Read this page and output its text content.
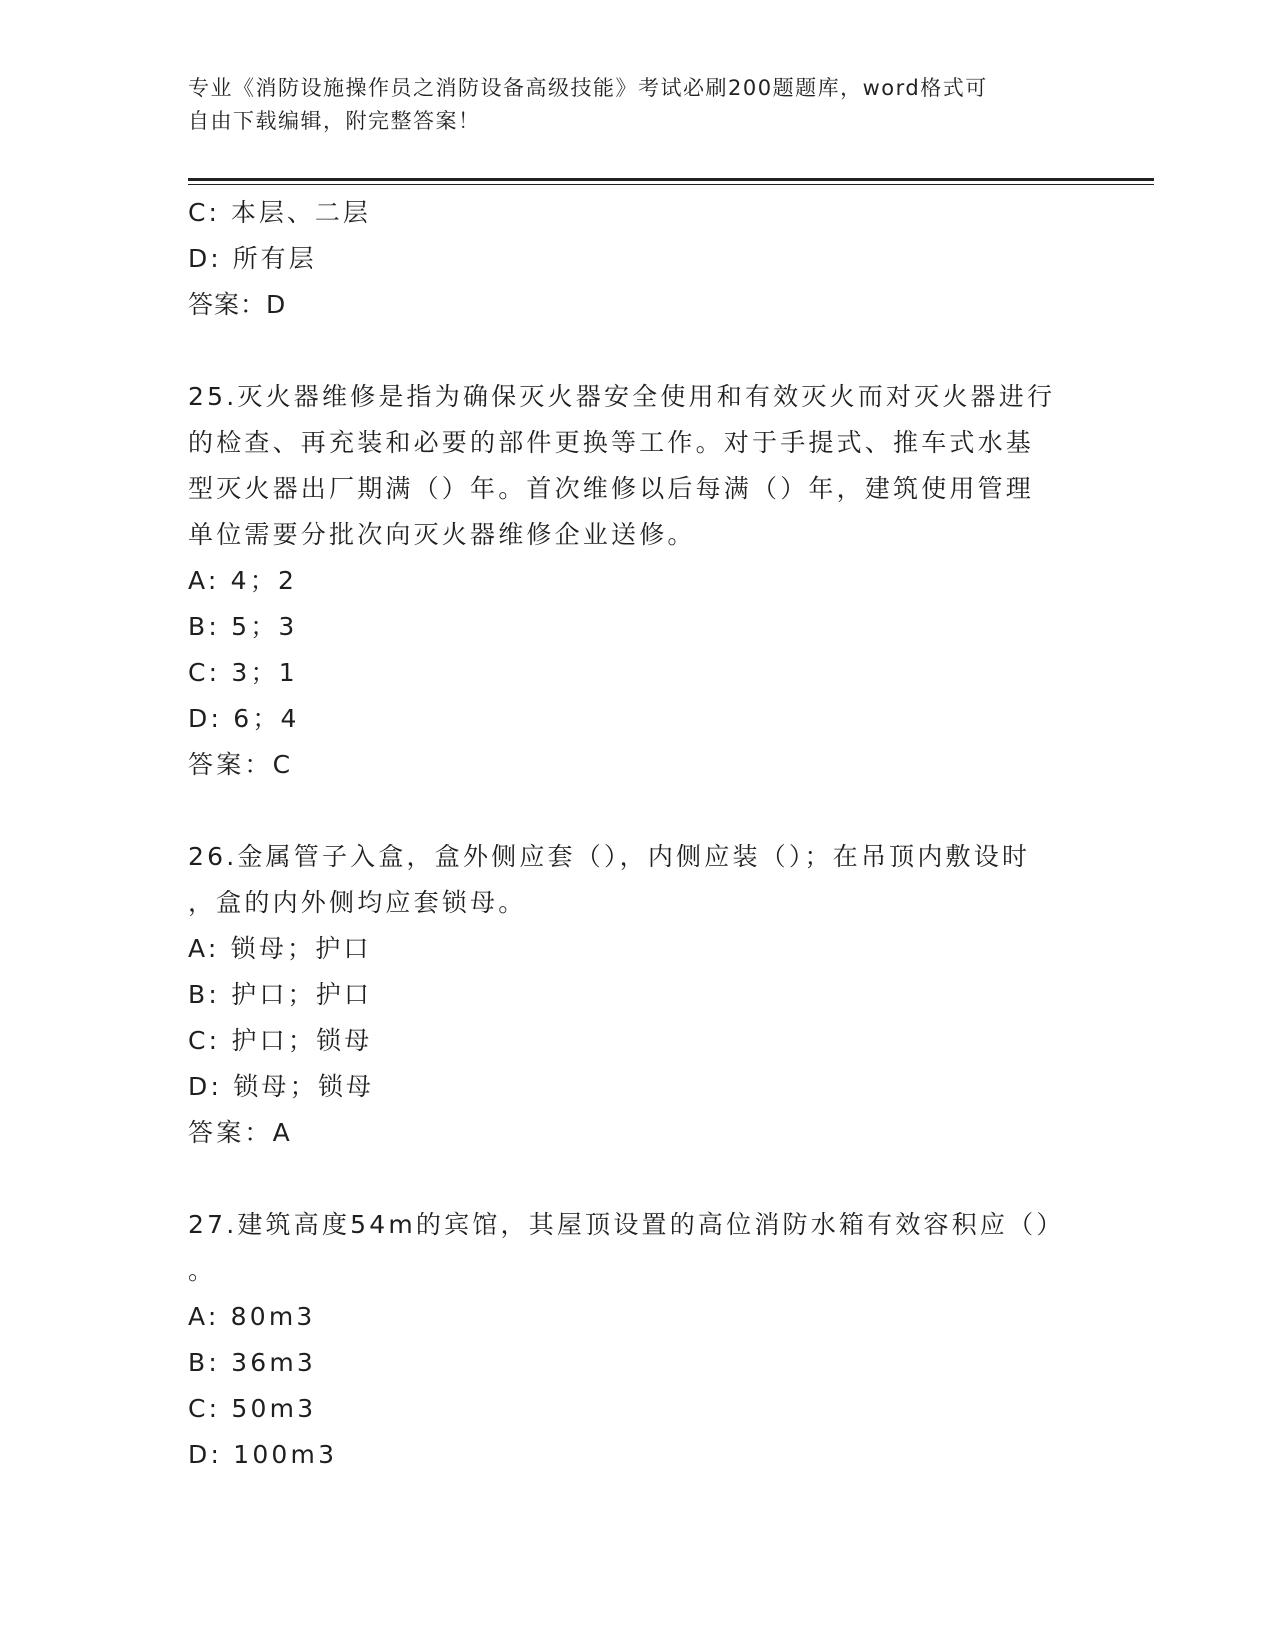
专业《消防设施操作员之消防设备高级技能》考试必刷200题题库，word格式可
自由下载编辑，附完整答案！
C: 本层、二层
D: 所有层
答案：D
25.灭火器维修是指为确保灭火器安全使用和有效灭火而对灭火器进行
的检查、再充装和必要的部件更换等工作。对于手提式、推车式水基
型灭火器出厂期满（）年。首次维修以后每满（）年，建筑使用管理
单位需要分批次向灭火器维修企业送修。
A: 4；2
B: 5；3
C: 3；1
D: 6；4
答案：C
26.金属管子入盒，盒外侧应套（），内侧应装（）；在吊顶内敷设时
，盒的内外侧均应套锁母。
A: 锁母；护口
B: 护口；护口
C: 护口；锁母
D: 锁母；锁母
答案：A
27.建筑高度54m的宾馆，其屋顶设置的高位消防水箱有效容积应（）
。
A: 80m3
B: 36m3
C: 50m3
D: 100m3
